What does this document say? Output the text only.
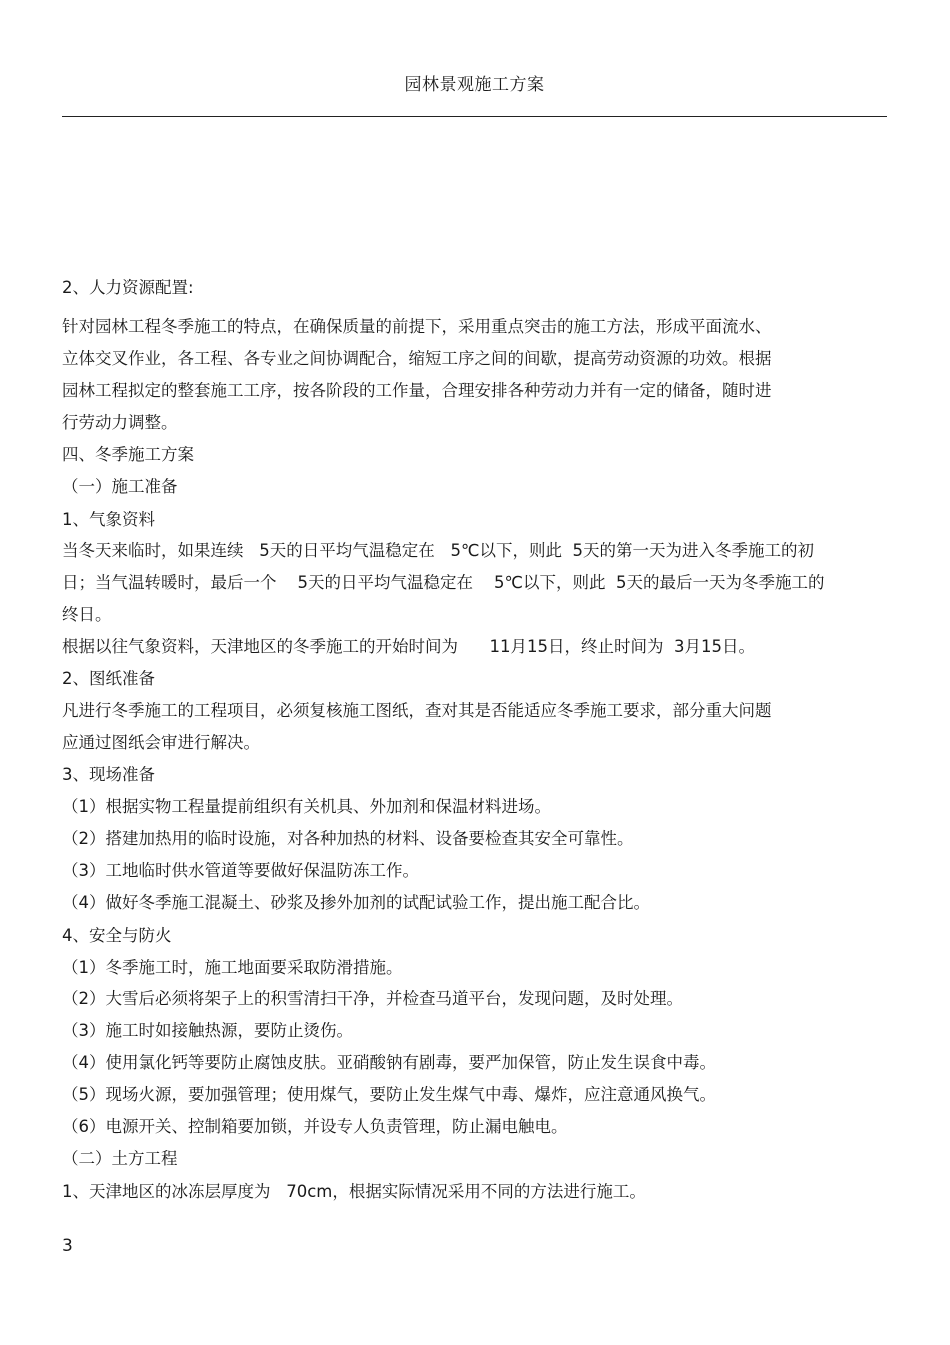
园林景观施工方案
2、人力资源配置:
针对园林工程冬季施工的特点，在确保质量的前提下，采用重点突击的施工方法，形成平面流水、
立体交叉作业，各工程、各专业之间协调配合，缩短工序之间的间歇，提高劳动资源的功效。根据
园林工程拟定的整套施工工序，按各阶段的工作量，合理安排各种劳动力并有一定的储备，随时进
行劳动力调整。
四、冬季施工方案
（一）施工准备
1、气象资料
当冬天来临时，如果连续   5天的日平均气温稳定在   5℃以下，则此  5天的第一天为进入冬季施工的初
日；当气温转暖时，最后一个    5天的日平均气温稳定在    5℃以下，则此  5天的最后一天为冬季施工的
终日。
根据以往气象资料，天津地区的冬季施工的开始时间为      11月15日，终止时间为  3月15日。
2、图纸准备
凡进行冬季施工的工程项目，必须复核施工图纸，查对其是否能适应冬季施工要求，部分重大问题
应通过图纸会审进行解决。
3、现场准备
（1）根据实物工程量提前组织有关机具、外加剂和保温材料进场。
（2）搭建加热用的临时设施，对各种加热的材料、设备要检查其安全可靠性。
（3）工地临时供水管道等要做好保温防冻工作。
（4）做好冬季施工混凝土、砂浆及掺外加剂的试配试验工作，提出施工配合比。
4、安全与防火
（1）冬季施工时，施工地面要采取防滑措施。
（2）大雪后必须将架子上的积雪清扫干净，并检查马道平台，发现问题，及时处理。
（3）施工时如接触热源，要防止烫伤。
（4）使用氯化钙等要防止腐蚀皮肤。亚硝酸钠有剧毒，要严加保管，防止发生误食中毒。
（5）现场火源，要加强管理；使用煤气，要防止发生煤气中毒、爆炸，应注意通风换气。
（6）电源开关、控制箱要加锁，并设专人负责管理，防止漏电触电。
（二）土方工程
1、天津地区的冰冻层厚度为   70cm，根据实际情况采用不同的方法进行施工。
3
